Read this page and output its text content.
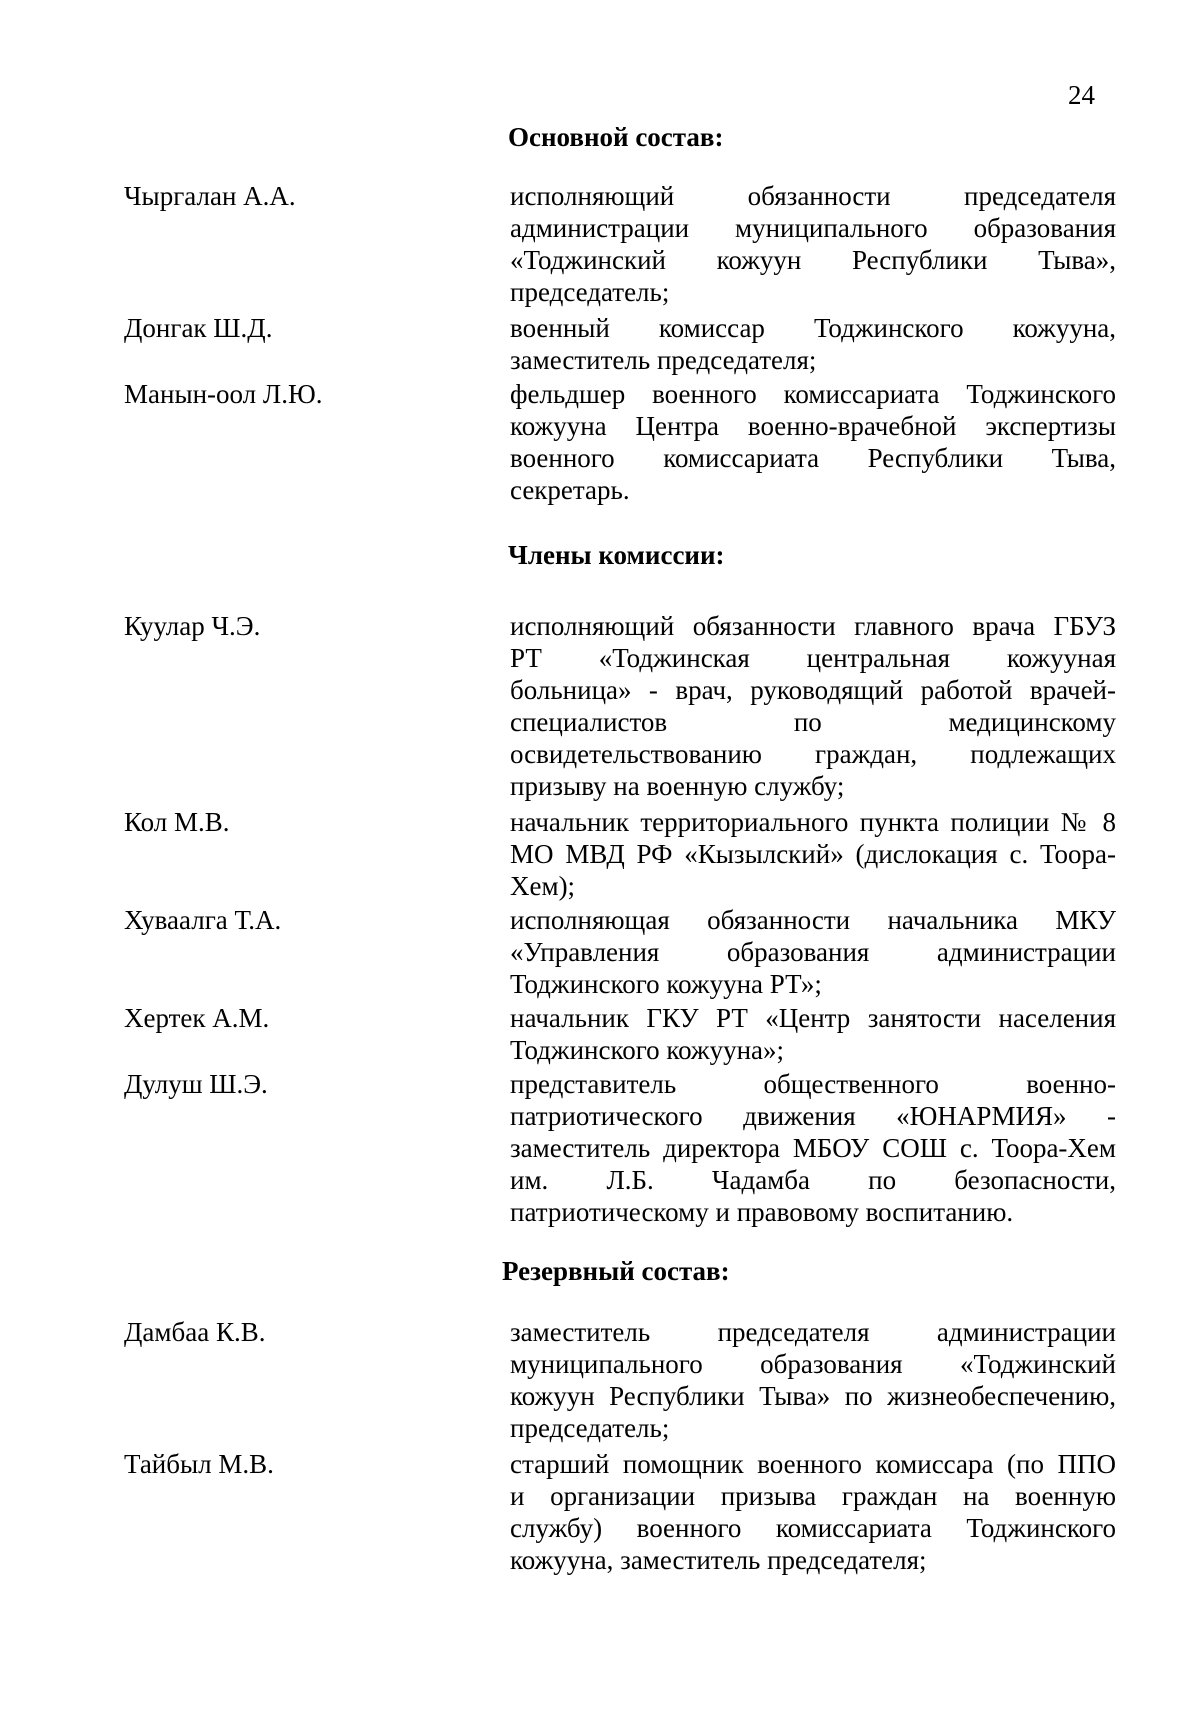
24
Основной состав:
Чыргалан А.А.	исполняющий обязанности председателя
администрации муниципального образования
«Тоджинский кожуун Республики Тыва»,
председатель;
Донгак Ш.Д.	военный комиссар Тоджинского кожууна,
заместитель председателя;
Манын-оол Л.Ю.	фельдшер военного комиссариата Тоджинского
кожууна Центра военно-врачебной экспертизы
военного комиссариата Республики Тыва,
секретарь.
Члены комиссии:
Куулар Ч.Э.	исполняющий обязанности главного врача ГБУЗ
РТ «Тоджинская центральная кожууная
больница» - врач, руководящий работой врачей-
специалистов по медицинскому
освидетельствованию граждан, подлежащих
призыву на военную службу;
Кол М.В.	начальник территориального пункта полиции № 8
МО МВД РФ «Кызылский» (дислокация с. Тоора-
Хем);
Хуваалга Т.А.	исполняющая обязанности начальника МКУ
«Управления образования администрации
Тоджинского кожууна РТ»;
Хертек А.М.	начальник ГКУ РТ «Центр занятости населения
Тоджинского кожууна»;
Дулуш Ш.Э.	представитель общественного военно-
патриотического движения «ЮНАРМИЯ» -
заместитель директора МБОУ СОШ с. Тоора-Хем
им. Л.Б. Чадамба по безопасности,
патриотическому и правовому воспитанию.
Резервный состав:
Дамбаа К.В.	заместитель председателя администрации
муниципального образования «Тоджинский
кожуун Республики Тыва» по жизнеобеспечению,
председатель;
Тайбыл М.В.	старший помощник военного комиссара (по ППО
и организации призыва граждан на военную
службу) военного комиссариата Тоджинского
кожууна, заместитель председателя;
